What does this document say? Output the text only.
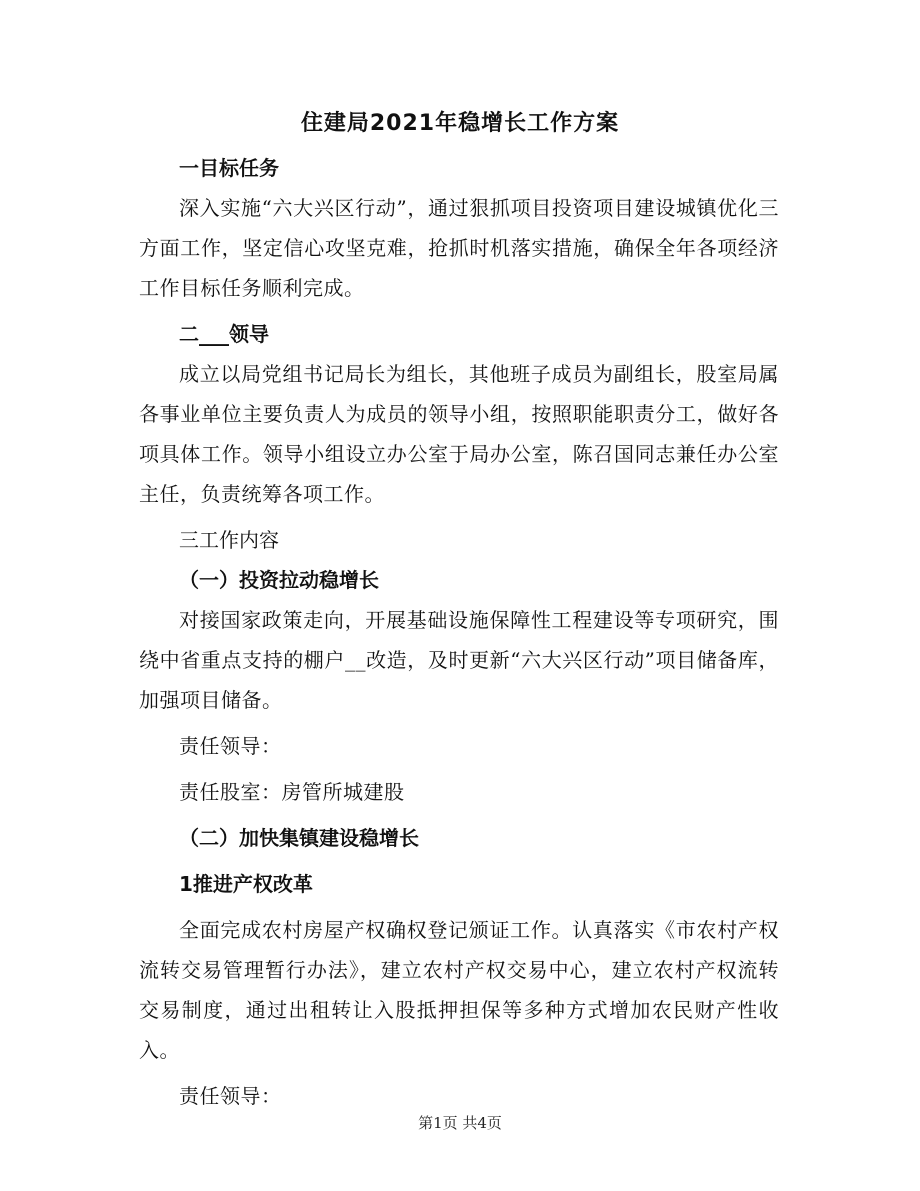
住建局2021年稳增长工作方案

一目标任务

深入实施“六大兴区行动”，通过狠抓项目投资项目建设城镇优化三方面工作，坚定信心攻坚克难，抢抓时机落实措施，确保全年各项经济工作目标任务顺利完成。

二___领导

成立以局党组书记局长为组长，其他班子成员为副组长，股室局属各事业单位主要负责人为成员的领导小组，按照职能职责分工，做好各项具体工作。领导小组设立办公室于局办公室，陈召国同志兼任办公室主任，负责统筹各项工作。

三工作内容

（一）投资拉动稳增长

对接国家政策走向，开展基础设施保障性工程建设等专项研究，围绕中省重点支持的棚户__改造，及时更新“六大兴区行动”项目储备库，加强项目储备。

责任领导：

责任股室：房管所城建股

（二）加快集镇建设稳增长

1推进产权改革

全面完成农村房屋产权确权登记颁证工作。认真落实《市农村产权流转交易管理暂行办法》，建立农村产权交易中心，建立农村产权流转交易制度，通过出租转让入股抵押担保等多种方式增加农民财产性收入。

责任领导：

第1页 共4页
